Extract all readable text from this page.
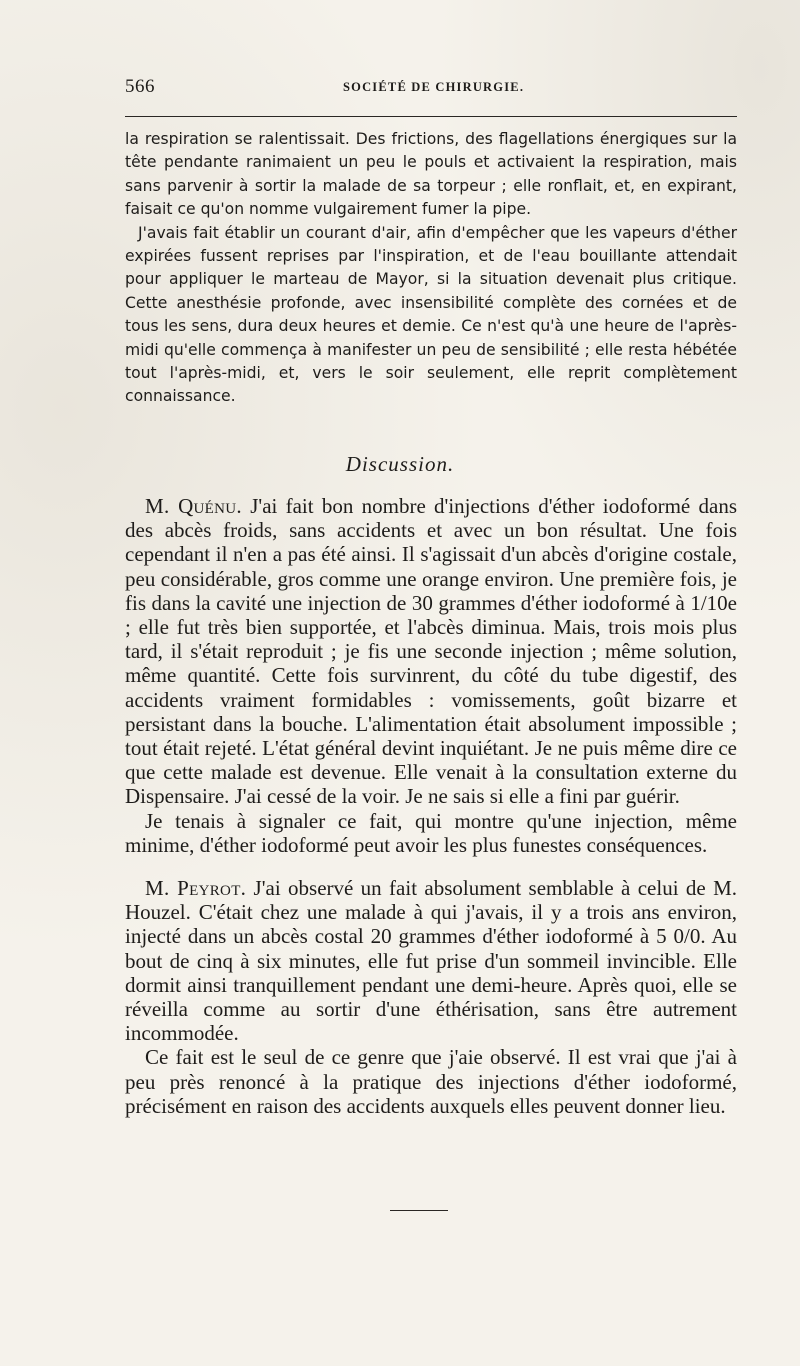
566	SOCIÉTÉ DE CHIRURGIE.

la respiration se ralentissait. Des frictions, des flagellations énergiques sur la tête pendante ranimaient un peu le pouls et activaient la respiration, mais sans parvenir à sortir la malade de sa torpeur ; elle ronflait, et, en expirant, faisait ce qu'on nomme vulgairement fumer la pipe.

J'avais fait établir un courant d'air, afin d'empêcher que les vapeurs d'éther expirées fussent reprises par l'inspiration, et de l'eau bouillante attendait pour appliquer le marteau de Mayor, si la situation devenait plus critique. Cette anesthésie profonde, avec insensibilité complète des cornées et de tous les sens, dura deux heures et demie. Ce n'est qu'à une heure de l'après-midi qu'elle commença à manifester un peu de sensibilité ; elle resta hébétée tout l'après-midi, et, vers le soir seulement, elle reprit complètement connaissance.

Discussion.

M. Quénu. J'ai fait bon nombre d'injections d'éther iodoformé dans des abcès froids, sans accidents et avec un bon résultat. Une fois cependant il n'en a pas été ainsi. Il s'agissait d'un abcès d'origine costale, peu considérable, gros comme une orange environ. Une première fois, je fis dans la cavité une injection de 30 grammes d'éther iodoformé à 1/10e ; elle fut très bien supportée, et l'abcès diminua. Mais, trois mois plus tard, il s'était reproduit ; je fis une seconde injection ; même solution, même quantité. Cette fois survinrent, du côté du tube digestif, des accidents vraiment formidables : vomissements, goût bizarre et persistant dans la bouche. L'alimentation était absolument impossible ; tout était rejeté. L'état général devint inquiétant. Je ne puis même dire ce que cette malade est devenue. Elle venait à la consultation externe du Dispensaire. J'ai cessé de la voir. Je ne sais si elle a fini par guérir.

Je tenais à signaler ce fait, qui montre qu'une injection, même minime, d'éther iodoformé peut avoir les plus funestes conséquences.

M. Peyrot. J'ai observé un fait absolument semblable à celui de M. Houzel. C'était chez une malade à qui j'avais, il y a trois ans environ, injecté dans un abcès costal 20 grammes d'éther iodoformé à 5 0/0. Au bout de cinq à six minutes, elle fut prise d'un sommeil invincible. Elle dormit ainsi tranquillement pendant une demi-heure. Après quoi, elle se réveilla comme au sortir d'une éthérisation, sans être autrement incommodée.

Ce fait est le seul de ce genre que j'aie observé. Il est vrai que j'ai à peu près renoncé à la pratique des injections d'éther iodoformé, précisément en raison des accidents auxquels elles peuvent donner lieu.
